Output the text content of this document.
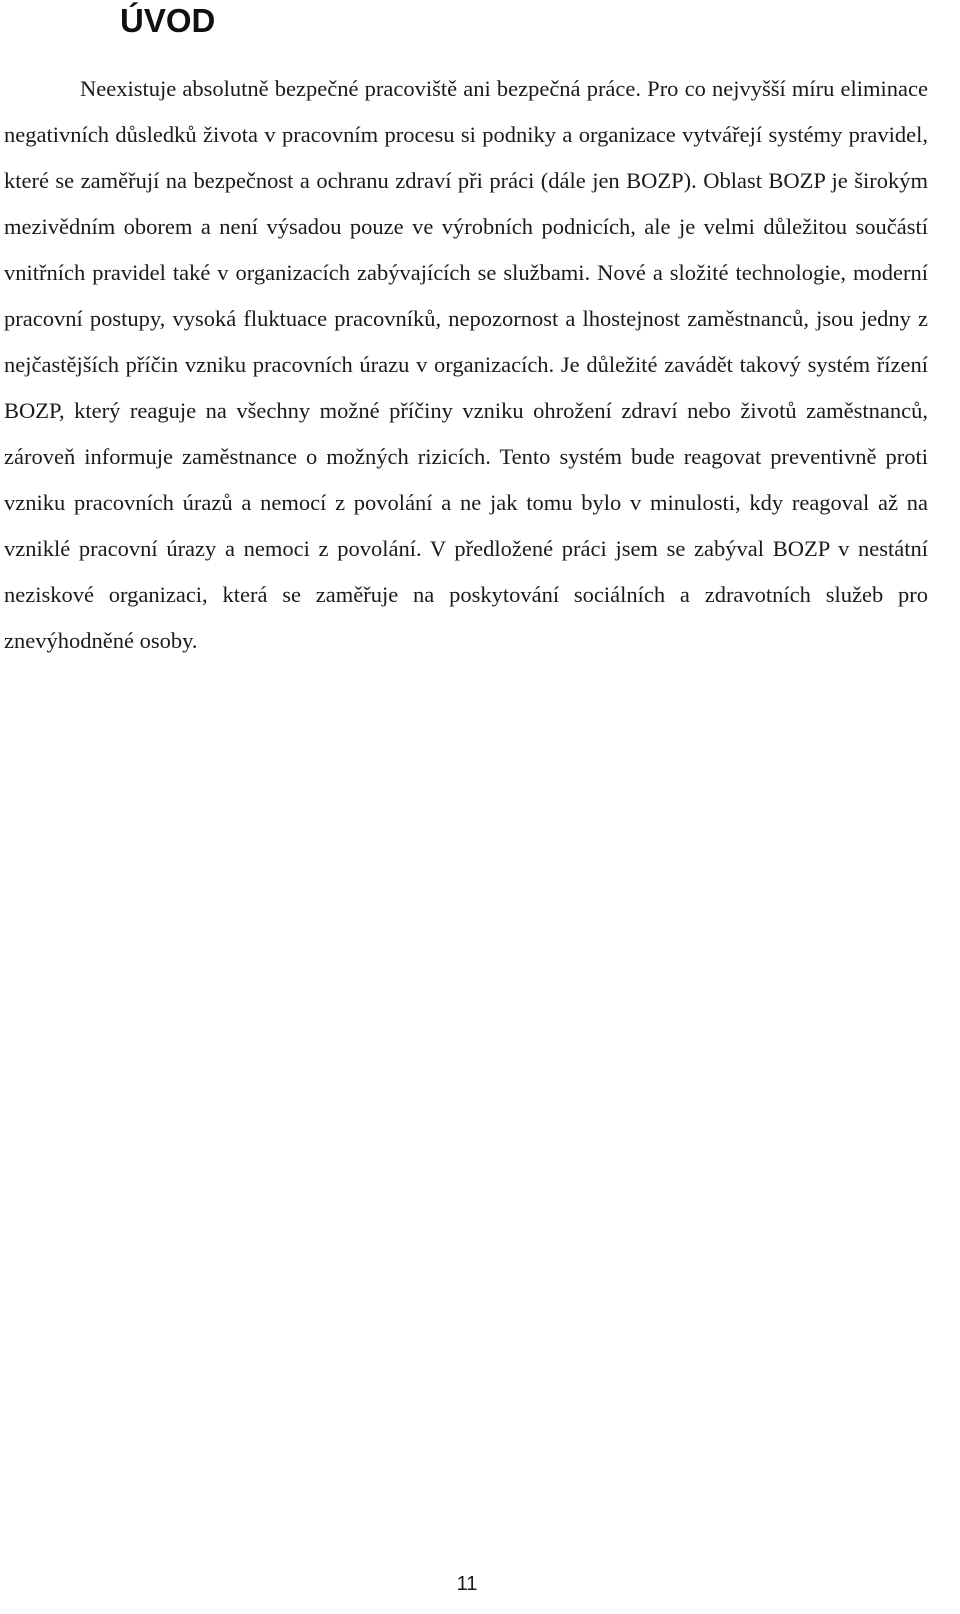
ÚVOD

Neexistuje absolutně bezpečné pracoviště ani bezpečná práce. Pro co nejvyšší míru eliminace negativních důsledků života v pracovním procesu si podniky a organizace vytvářejí systémy pravidel, které se zaměřují na bezpečnost a ochranu zdraví při práci (dále jen BOZP). Oblast BOZP je širokým mezivědním oborem a není výsadou pouze ve výrobních podnicích, ale je velmi důležitou součástí vnitřních pravidel také v organizacích zabývajících se službami. Nové a složité technologie, moderní pracovní postupy, vysoká fluktuace pracovníků, nepozornost a lhostejnost zaměstnanců, jsou jedny z nejčastějších příčin vzniku pracovních úrazu v organizacích. Je důležité zavádět takový systém řízení BOZP, který reaguje na všechny možné příčiny vzniku ohrožení zdraví nebo životů zaměstnanců, zároveň informuje zaměstnance o možných rizicích. Tento systém bude reagovat preventivně proti vzniku pracovních úrazů a nemocí z povolání a ne jak tomu bylo v minulosti, kdy reagoval až na vzniklé pracovní úrazy a nemoci z povolání. V předložené práci jsem se zabýval BOZP v nestátní neziskové organizaci, která se zaměřuje na poskytování sociálních a zdravotních služeb pro znevýhodněné osoby.

11
